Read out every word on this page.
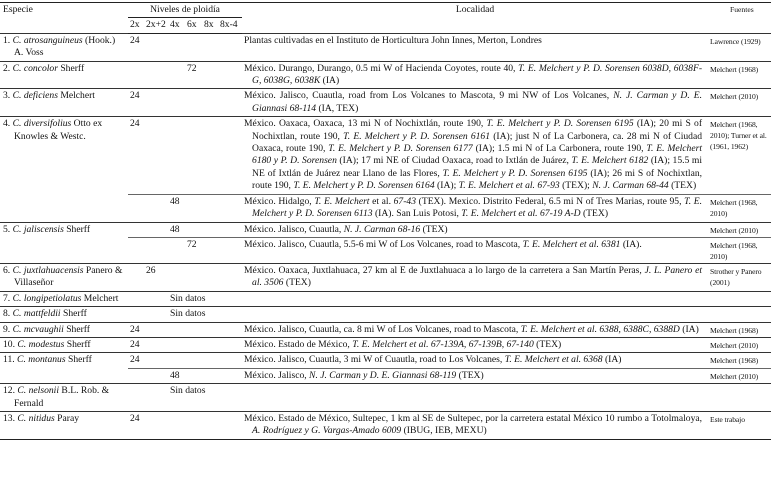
Especie	Niveles de ploidía						Localidad	Fuentes
	2x	2x+2	4x	6x	8x	8x-4		
1. C. atrosanguineus (Hook.) A. Voss	24						Plantas cultivadas en el Instituto de Horticultura John Innes, Merton, Londres	Lawrence (1929)
2. C. concolor Sherff				72			México. Durango, Durango, 0.5 mi W of Hacienda Coyotes, route 40, T. E. Melchert y P. D. Sorensen 6038D, 6038F-G, 6038G, 6038K (IA)	Melchert (1968)
3. C. deficiens Melchert	24						México. Jalisco, Cuautla, road from Los Volcanes to Mascota, 9 mi NW of Los Volcanes, N. J. Carman y D. E. Giannasi 68-114 (IA, TEX)	Melchert (2010)
4. C. diversifolius Otto ex Knowles & Westc.	24						México. Oaxaca, Oaxaca, 13 mi N of Nochixtlán, route 190, T. E. Melchert y P. D. Sorensen 6195 (IA); 20 mi S of Nochixtlan, route 190, T. E. Melchert y P. D. Sorensen 6161 (IA); just N of La Carbonera, ca. 28 mi N of Ciudad Oaxaca, route 190, T. E. Melchert y P. D. Sorensen 6177 (IA); 1.5 mi N of La Carbonera, route 190, T. E. Melchert 6180 y P. D. Sorensen (IA); 17 mi NE of Ciudad Oaxaca, road to Ixtlán de Juárez, T. E. Melchert 6182 (IA); 15.5 mi NE of Ixtlán de Juárez near Llano de las Flores, T. E. Melchert y P. D. Sorensen 6195 (IA); 26 mi S of Nochixtlan, route 190, T. E. Melchert y P. D. Sorensen 6164 (IA); T. E. Melchert et al. 67-93 (TEX); N. J. Carman 68-44 (TEX)	Melchert (1968, 2010); Turner et al. (1961, 1962)
			48				México. Hidalgo, T. E. Melchert et al. 67-43 (TEX). Mexico. Distrito Federal, 6.5 mi N of Tres Marias, route 95, T. E. Melchert y P. D. Sorensen 6113 (IA). San Luis Potosi, T. E. Melchert et al. 67-19 A-D (TEX)	Melchert (1968, 2010)
5. C. jaliscensis Sherff			48				México. Jalisco, Cuautla, N. J. Carman 68-16 (TEX)	Melchert (2010)
				72			México. Jalisco, Cuautla, 5.5-6 mi W of Los Volcanes, road to Mascota, T. E. Melchert et al. 6381 (IA).	Melchert (1968, 2010)
6. C. juxtlahuacensis Panero & Villaseñor		26					México. Oaxaca, Juxtlahuaca, 27 km al E de Juxtlahuaca a lo largo de la carretera a San Martín Peras, J. L. Panero et al. 3506 (TEX)	Strother y Panero (2001)
7. C. longipetiolatus Melchert			Sin datos					
8. C. mattfeldii Sherff			Sin datos					
9. C. mcvaughii Sherff	24						México. Jalisco, Cuautla, ca. 8 mi W of Los Volcanes, road to Mascota, T. E. Melchert et al. 6388, 6388C, 6388D (IA)	Melchert (1968)
10. C. modestus Sherff	24						México. Estado de México, T. E. Melchert et al. 67-139A, 67-139B, 67-140 (TEX)	Melchert (2010)
11. C. montanus Sherff	24						México. Jalisco, Cuautla, 3 mi W of Cuautla, road to Los Volcanes, T. E. Melchert et al. 6368 (IA)	Melchert (1968)
			48				México. Jalisco, N. J. Carman y D. E. Giannasi 68-119 (TEX)	Melchert (2010)
12. C. nelsonii B.L. Rob. & Fernald			Sin datos					
13. C. nitidus Paray	24						México. Estado de México, Sultepec, 1 km al SE de Sultepec, por la carretera estatal México 10 rumbo a Totolmaloya, A. Rodríguez y G. Vargas-Amado 6009 (IBUG, IEB, MEXU)	Este trabajo
